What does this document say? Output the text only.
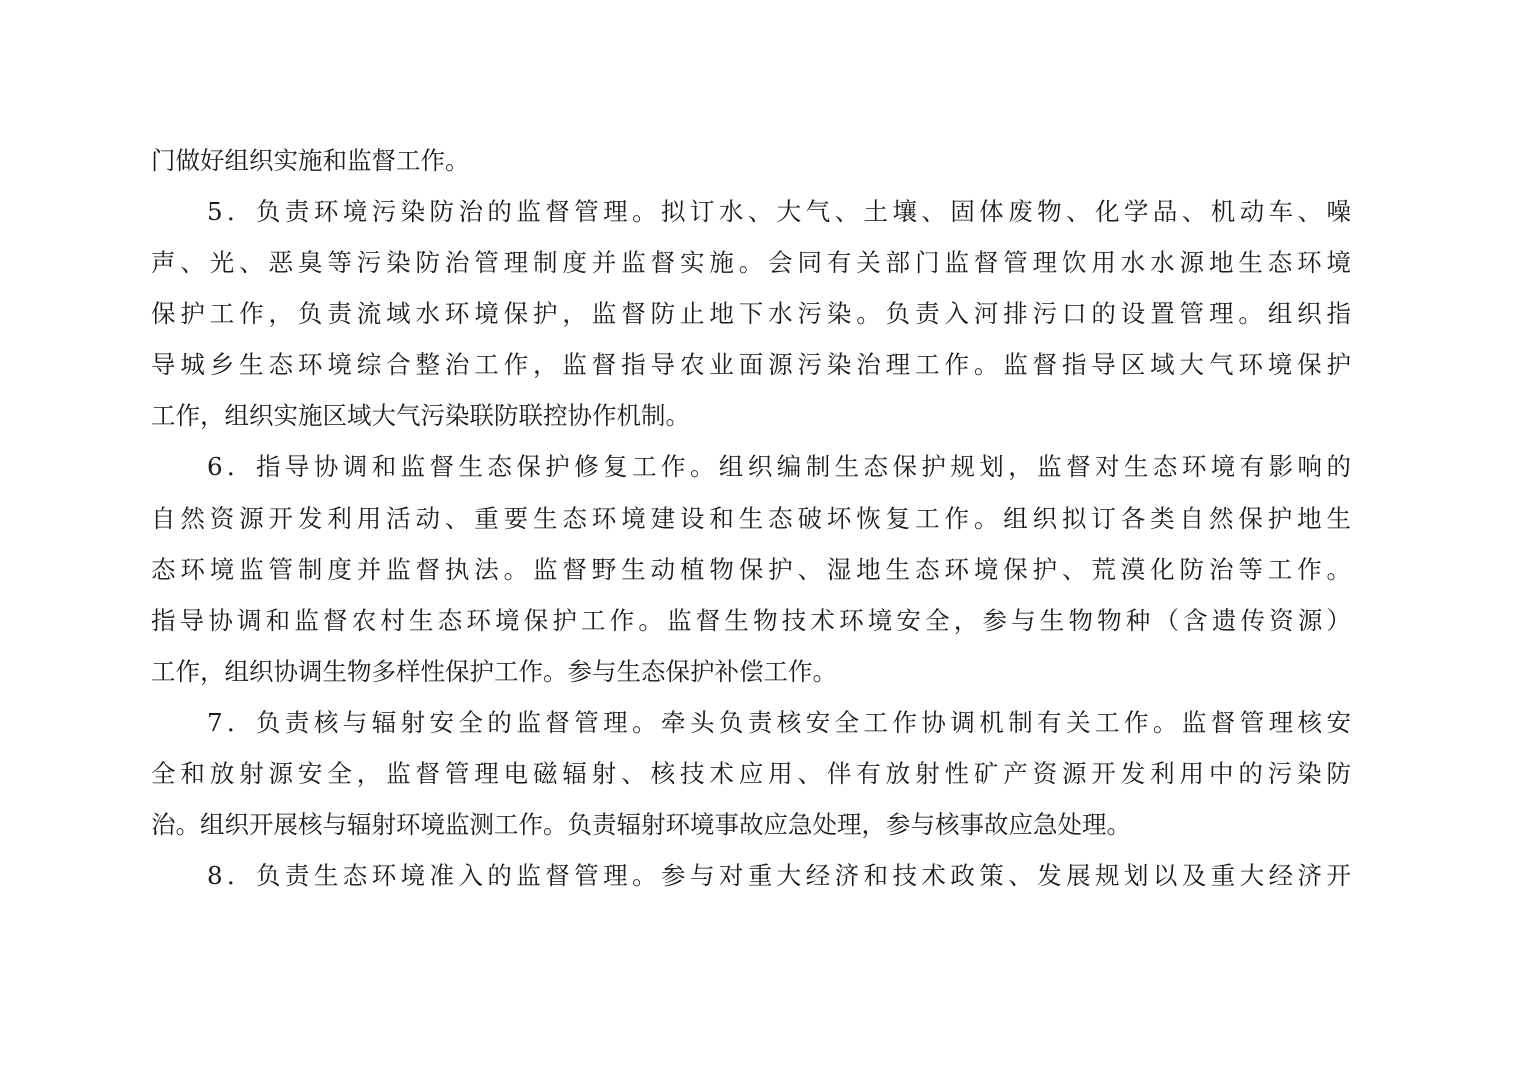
门做好组织实施和监督工作。
5．负责环境污染防治的监督管理。拟订水、大气、土壤、固体废物、化学品、机动车、噪
声、光、恶臭等污染防治管理制度并监督实施。会同有关部门监督管理饮用水水源地生态环境
保护工作，负责流域水环境保护，监督防止地下水污染。负责入河排污口的设置管理。组织指
导城乡生态环境综合整治工作，监督指导农业面源污染治理工作。监督指导区域大气环境保护
工作，组织实施区域大气污染联防联控协作机制。
6．指导协调和监督生态保护修复工作。组织编制生态保护规划，监督对生态环境有影响的
自然资源开发利用活动、重要生态环境建设和生态破坏恢复工作。组织拟订各类自然保护地生
态环境监管制度并监督执法。监督野生动植物保护、湿地生态环境保护、荒漠化防治等工作。
指导协调和监督农村生态环境保护工作。监督生物技术环境安全，参与生物物种（含遗传资源）
工作，组织协调生物多样性保护工作。参与生态保护补偿工作。
7．负责核与辐射安全的监督管理。牵头负责核安全工作协调机制有关工作。监督管理核安
全和放射源安全，监督管理电磁辐射、核技术应用、伴有放射性矿产资源开发利用中的污染防
治。组织开展核与辐射环境监测工作。负责辐射环境事故应急处理，参与核事故应急处理。
8．负责生态环境准入的监督管理。参与对重大经济和技术政策、发展规划以及重大经济开
